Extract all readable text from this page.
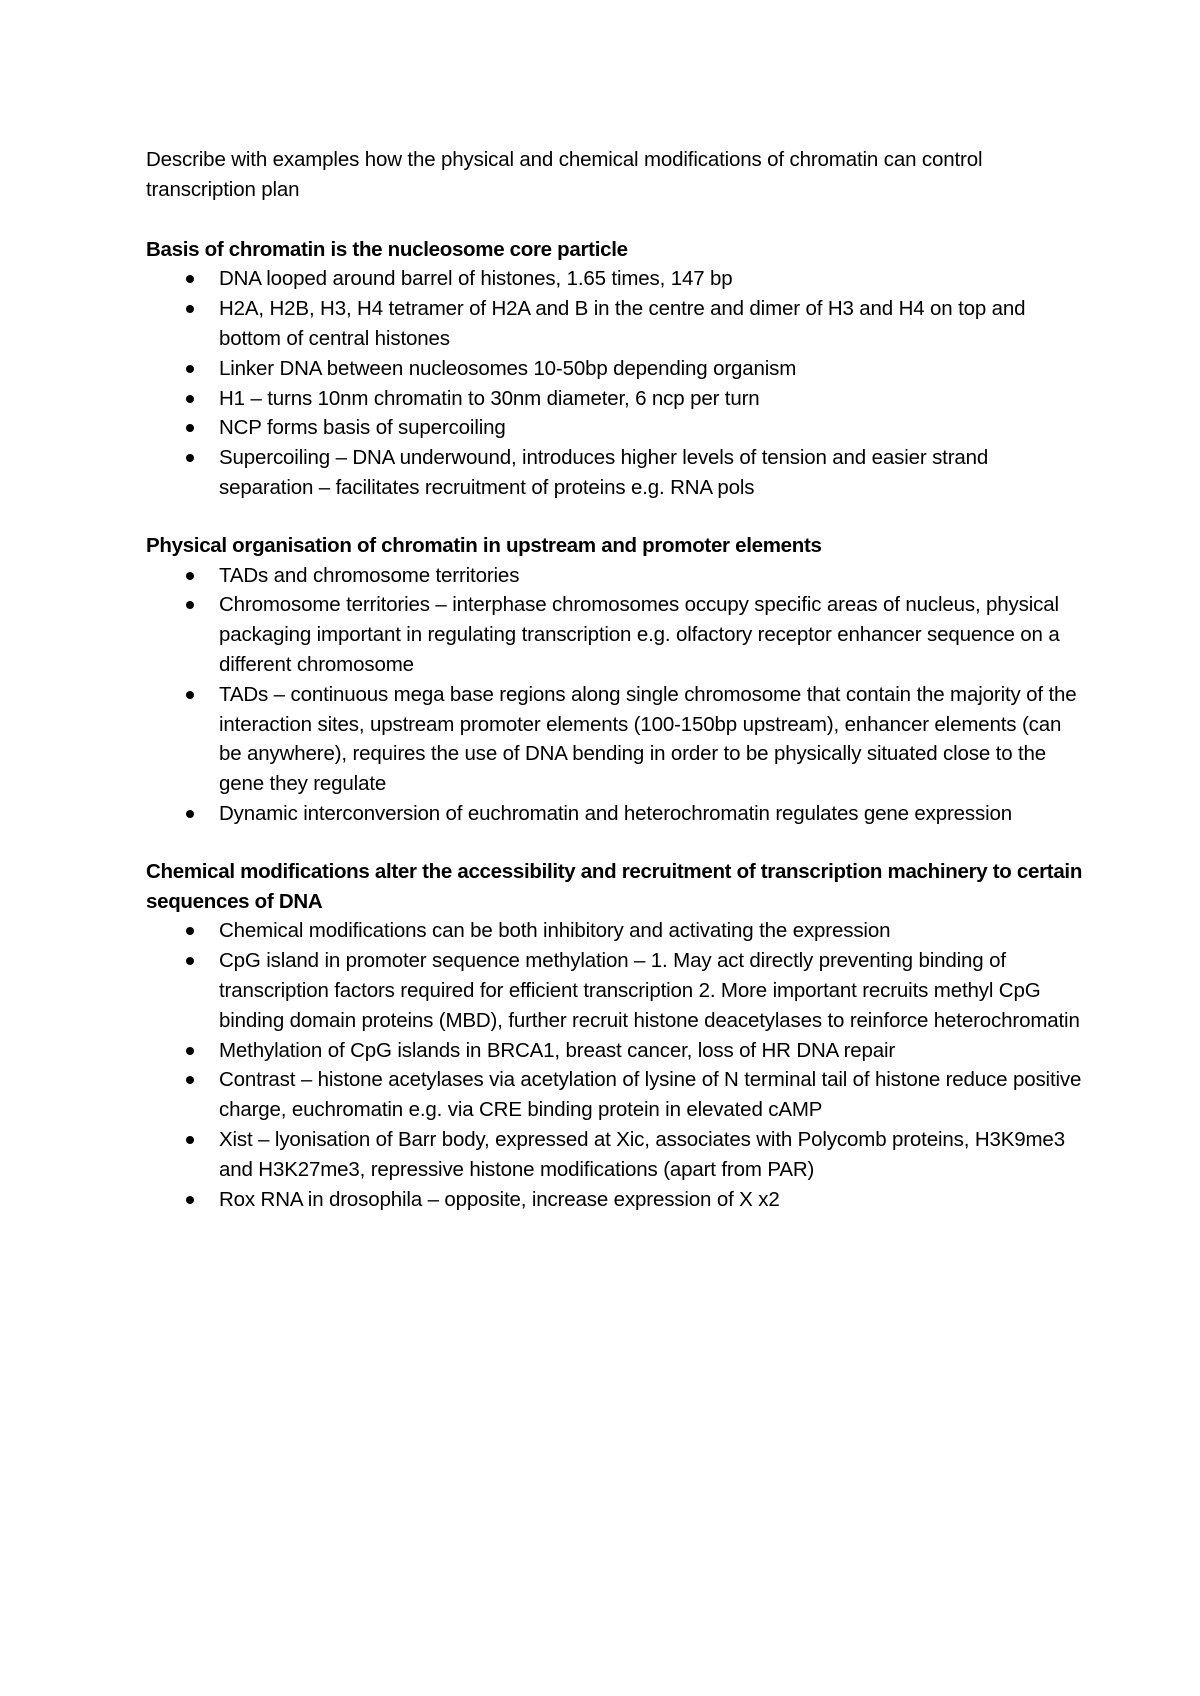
Describe with examples how the physical and chemical modifications of chromatin can control transcription plan

Basis of chromatin is the nucleosome core particle

DNA looped around barrel of histones, 1.65 times, 147 bp
H2A, H2B, H3, H4 tetramer of H2A and B in the centre and dimer of H3 and H4 on top and bottom of central histones
Linker DNA between nucleosomes 10-50bp depending organism
H1 – turns 10nm chromatin to 30nm diameter, 6 ncp per turn
NCP forms basis of supercoiling
Supercoiling – DNA underwound, introduces higher levels of tension and easier strand separation – facilitates recruitment of proteins e.g. RNA pols

Physical organisation of chromatin in upstream and promoter elements

TADs and chromosome territories
Chromosome territories – interphase chromosomes occupy specific areas of nucleus, physical packaging important in regulating transcription e.g. olfactory receptor enhancer sequence on a different chromosome
TADs – continuous mega base regions along single chromosome that contain the majority of the interaction sites, upstream promoter elements (100-150bp upstream), enhancer elements (can be anywhere), requires the use of DNA bending in order to be physically situated close to the gene they regulate
Dynamic interconversion of euchromatin and heterochromatin regulates gene expression

Chemical modifications alter the accessibility and recruitment of transcription machinery to certain sequences of DNA

Chemical modifications can be both inhibitory and activating the expression
CpG island in promoter sequence methylation – 1. May act directly preventing binding of transcription factors required for efficient transcription 2. More important recruits methyl CpG binding domain proteins (MBD), further recruit histone deacetylases to reinforce heterochromatin
Methylation of CpG islands in BRCA1, breast cancer, loss of HR DNA repair
Contrast – histone acetylases via acetylation of lysine of N terminal tail of histone reduce positive charge, euchromatin e.g. via CRE binding protein in elevated cAMP
Xist – lyonisation of Barr body, expressed at Xic, associates with Polycomb proteins, H3K9me3 and H3K27me3, repressive histone modifications (apart from PAR)
Rox RNA in drosophila – opposite, increase expression of X x2
